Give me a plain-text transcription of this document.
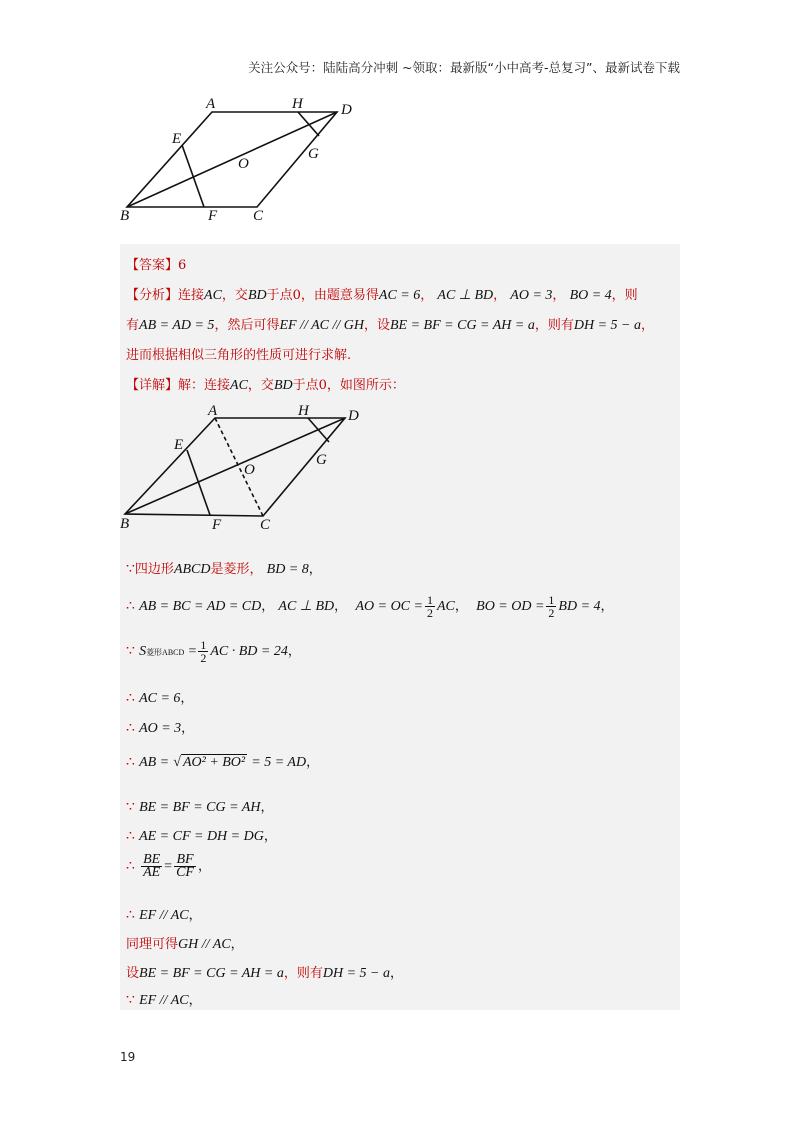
关注公众号：陆陆高分冲刺 ~领取：最新版“小中高考-总复习”、最新试卷下载
A	H	D
E
G
O
B	F C
【答案】6
【分析】连接AC，交BD于点0，由题意易得AC = 6， AC ⊥ BD， AO = 3， BO = 4，则
有AB = AD = 5，然后可得EF // AC // GH，设BE = BF = CG = AH = a，则有DH = 5 − a，
进而根据相似三角形的性质可进行求解.
【详解】解：连接AC，交BD于点0，如图所示：
A	H	D
E
G
O
B	F	C
∵四边形ABCD是菱形， BD = 8，
∴ AB = BC = AD = CD， AC ⊥ BD， AO = OC = $\frac{1}{2}$ AC， BO = OD = $\frac{1}{2}$ BD = 4，
∵ S菱形ABCD = $\frac{1}{2}$ AC · BD = 24，
∴ AC = 6，
∴ AO = 3，
∴ AB = √ AO² + BO² = 5 = AD，
∵ BE = BF = CG = AH，
∴ AE = CF = DH = DG，
∴ $\frac{BE}{AE} = \frac{BF}{CF}$ ，
∴ EF // AC，
同理可得GH // AC，
设BE = BF = CG = AH = a，则有DH = 5 − a，
∵ EF // AC，
19
